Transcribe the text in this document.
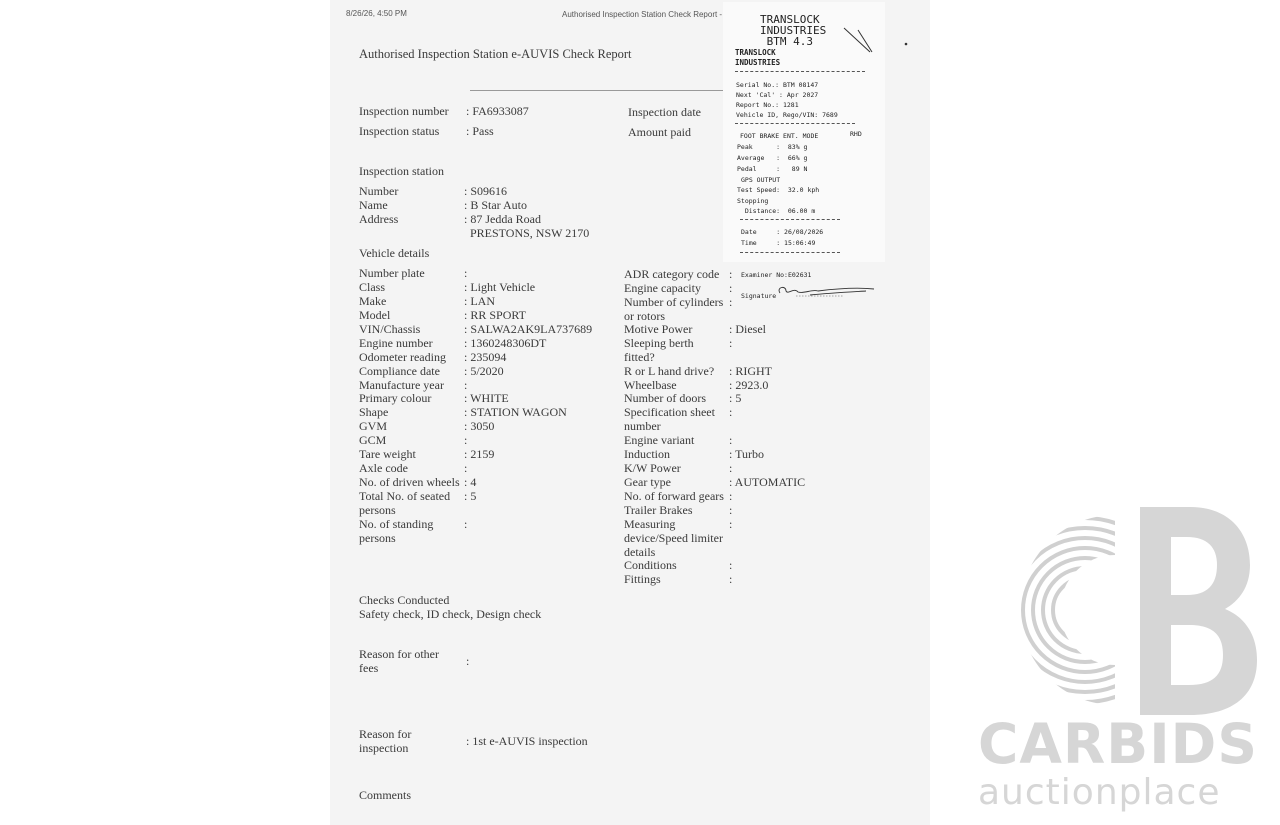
8/26/26, 4:50 PM	Authorised Inspection Station Check Report -
Authorised Inspection Station e-AUVIS Check Report
Inspection number : FA6933087
Inspection status : Pass
Inspection date
Amount paid
Inspection station
Number	: S09616
Name	: B Star Auto
Address	: 87 Jedda Road
PRESTONS, NSW 2170
Vehicle details
Number plate	:
Class	: Light Vehicle
Make	: LAN
Model	: RR SPORT
VIN/Chassis	: SALWA2AK9LA737689
Engine number	: 1360248306DT
Odometer reading : 235094
Compliance date : 5/2020
Manufacture year :
Primary colour	: WHITE
Shape	: STATION WAGON
GVM	: 3050
GCM	:
Tare weight	: 2159
Axle code	:
No. of driven wheels : 4
Total No. of seated persons
: 5
No. of standing persons
:
ADR category code :
Engine capacity :
Number of cylinders or rotors
:
Motive Power	: Diesel
Sleeping berth fitted?
:
R or L hand drive? : RIGHT
Wheelbase	: 2923.0
Number of doors : 5
Specification sheet number
:
Engine variant	:
Induction	: Turbo
K/W Power	:
Gear type	: AUTOMATIC
No. of forward gears :
Trailer Brakes	:
Measuring device/Speed limiter details
:
Conditions	:
Fittings	:
Checks Conducted
Safety check, ID check, Design check
Reason for other fees	:
Reason for inspection	: 1st e-AUVIS inspection
Comments
TRANSLOCK
INDUSTRIES
BTM 4.3
TRANSLOCK
INDUSTRIES
Serial No.: BTM 08147
Next 'Cal' : Apr 2027
Report No.: 1281
Vehicle ID, Rego/VIN: 7689
FOOT BRAKE ENT. MODE	RHD
Peak      :  83% g
Average   :  66% g
Pedal     :   89 N
GPS OUTPUT
Test Speed:  32.0 kph
Stopping
Distance:  06.00 m
Date     : 26/08/2026
Time     : 15:06:49
Examiner No:E02631
Signature
CARBIDS
auctionplace
